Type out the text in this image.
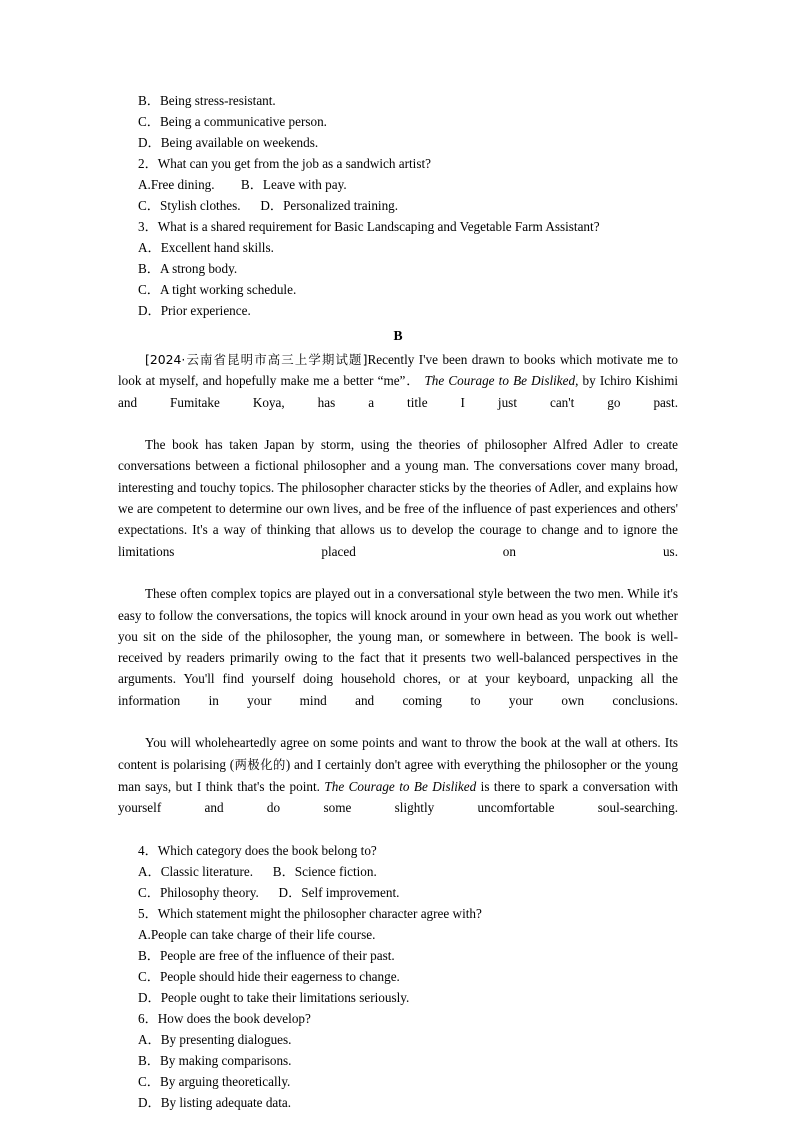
B．Being stress-resistant.
C．Being a communicative person.
D．Being available on weekends.
2．What can you get from the job as a sandwich artist?
A.Free dining.        B．Leave with pay.
C．Stylish clothes.      D．Personalized training.
3．What is a shared requirement for Basic Landscaping and Vegetable Farm Assistant?
A．Excellent hand skills.
B．A strong body.
C．A tight working schedule.
D．Prior experience.
B

[2024·云南省昆明市高三上学期试题]Recently I've been drawn to books which motivate me to look at myself, and hopefully make me a better “me”． The Courage to Be Disliked, by Ichiro Kishimi and Fumitake Koya, has a title I just can't go past.

The book has taken Japan by storm, using the theories of philosopher Alfred Adler to create conversations between a fictional philosopher and a young man. The conversations cover many broad, interesting and touchy topics. The philosopher character sticks by the theories of Adler, and explains how we are competent to determine our own lives, and be free of the influence of past experiences and others' expectations. It's a way of thinking that allows us to develop the courage to change and to ignore the limitations placed on us.

These often complex topics are played out in a conversational style between the two men. While it's easy to follow the conversations, the topics will knock around in your own head as you work out whether you sit on the side of the philosopher, the young man, or somewhere in between. The book is well-received by readers primarily owing to the fact that it presents two well-balanced perspectives in the arguments. You'll find yourself doing household chores, or at your keyboard, unpacking all the information in your mind and coming to your own conclusions.

You will wholeheartedly agree on some points and want to throw the book at the wall at others. Its content is polarising (两极化的) and I certainly don't agree with everything the philosopher or the young man says, but I think that's the point. The Courage to Be Disliked is there to spark a conversation with yourself and do some slightly uncomfortable soul-searching.

4．Which category does the book belong to?
A．Classic literature.      B．Science fiction.
C．Philosophy theory.      D．Self improvement.
5．Which statement might the philosopher character agree with?
A.People can take charge of their life course.
B．People are free of the influence of their past.
C．People should hide their eagerness to change.
D．People ought to take their limitations seriously.
6．How does the book develop?
A．By presenting dialogues.
B．By making comparisons.
C．By arguing theoretically.
D．By listing adequate data.
